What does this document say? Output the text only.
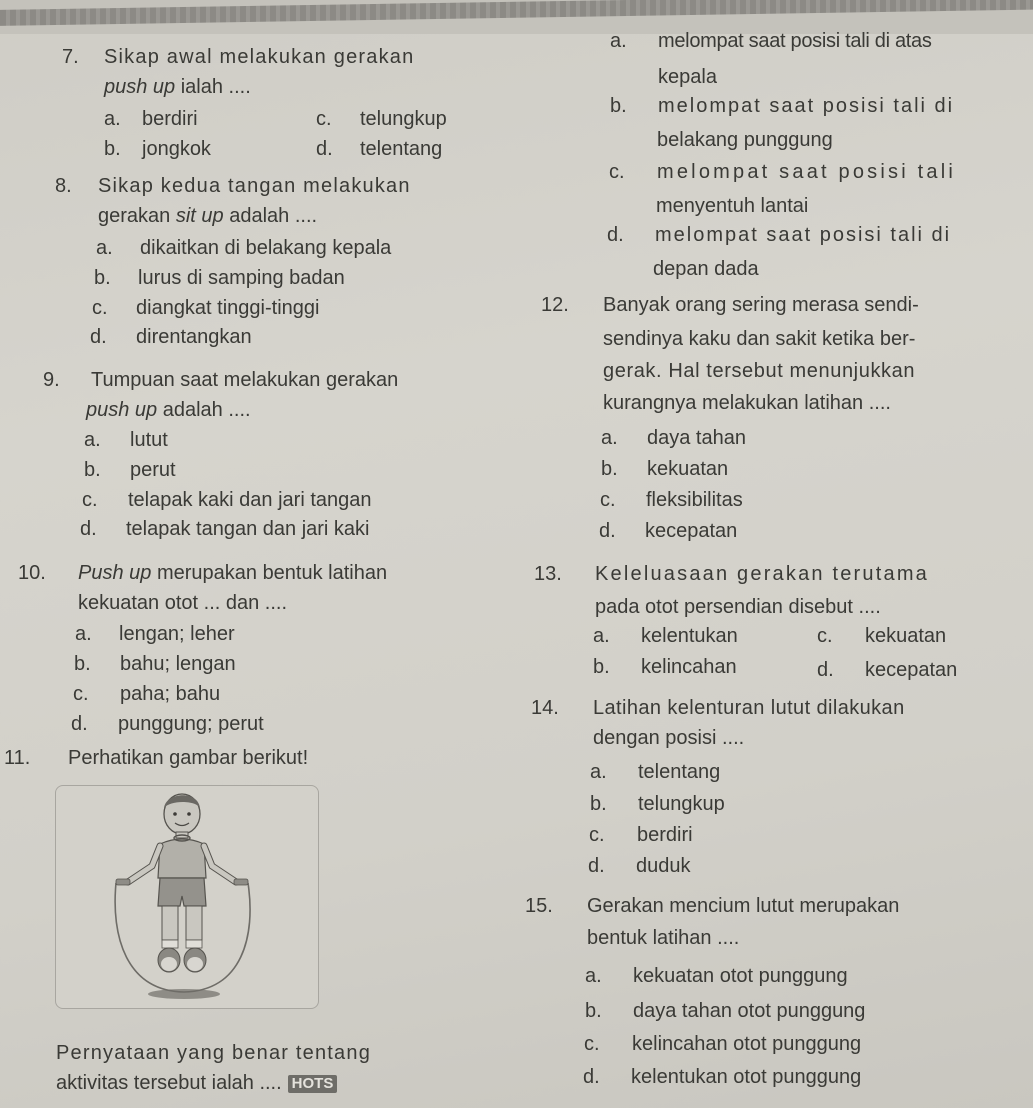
7. Sikap awal melakukan gerakan
push up ialah ....
a. berdiri
b. jongkok
c. telungkup
d. telentang
8. Sikap kedua tangan melakukan
gerakan sit up adalah ....
a. dikaitkan di belakang kepala
b. lurus di samping badan
c. diangkat tinggi-tinggi
d. direntangkan
9. Tumpuan saat melakukan gerakan
push up adalah ....
a. lutut
b. perut
c. telapak kaki dan jari tangan
d. telapak tangan dan jari kaki
10. Push up merupakan bentuk latihan
kekuatan otot ... dan ....
a. lengan; leher
b. bahu; lengan
c. paha; bahu
d. punggung; perut
11. Perhatikan gambar berikut!
Pernyataan yang benar tentang
aktivitas tersebut ialah .... HOTS
a. melompat saat posisi tali di atas
kepala
b. melompat saat posisi tali di
belakang punggung
c. melompat saat posisi tali
menyentuh lantai
d. melompat saat posisi tali di
depan dada
12. Banyak orang sering merasa sendi-
sendinya kaku dan sakit ketika ber-
gerak. Hal tersebut menunjukkan
kurangnya melakukan latihan ....
a. daya tahan
b. kekuatan
c. fleksibilitas
d. kecepatan
13. Keleluasaan gerakan terutama
pada otot persendian disebut ....
a. kelentukan
b. kelincahan
c. kekuatan
d. kecepatan
14. Latihan kelenturan lutut dilakukan
dengan posisi ....
a. telentang
b. telungkup
c. berdiri
d. duduk
15. Gerakan mencium lutut merupakan
bentuk latihan ....
a. kekuatan otot punggung
b. daya tahan otot punggung
c. kelincahan otot punggung
d. kelentukan otot punggung
